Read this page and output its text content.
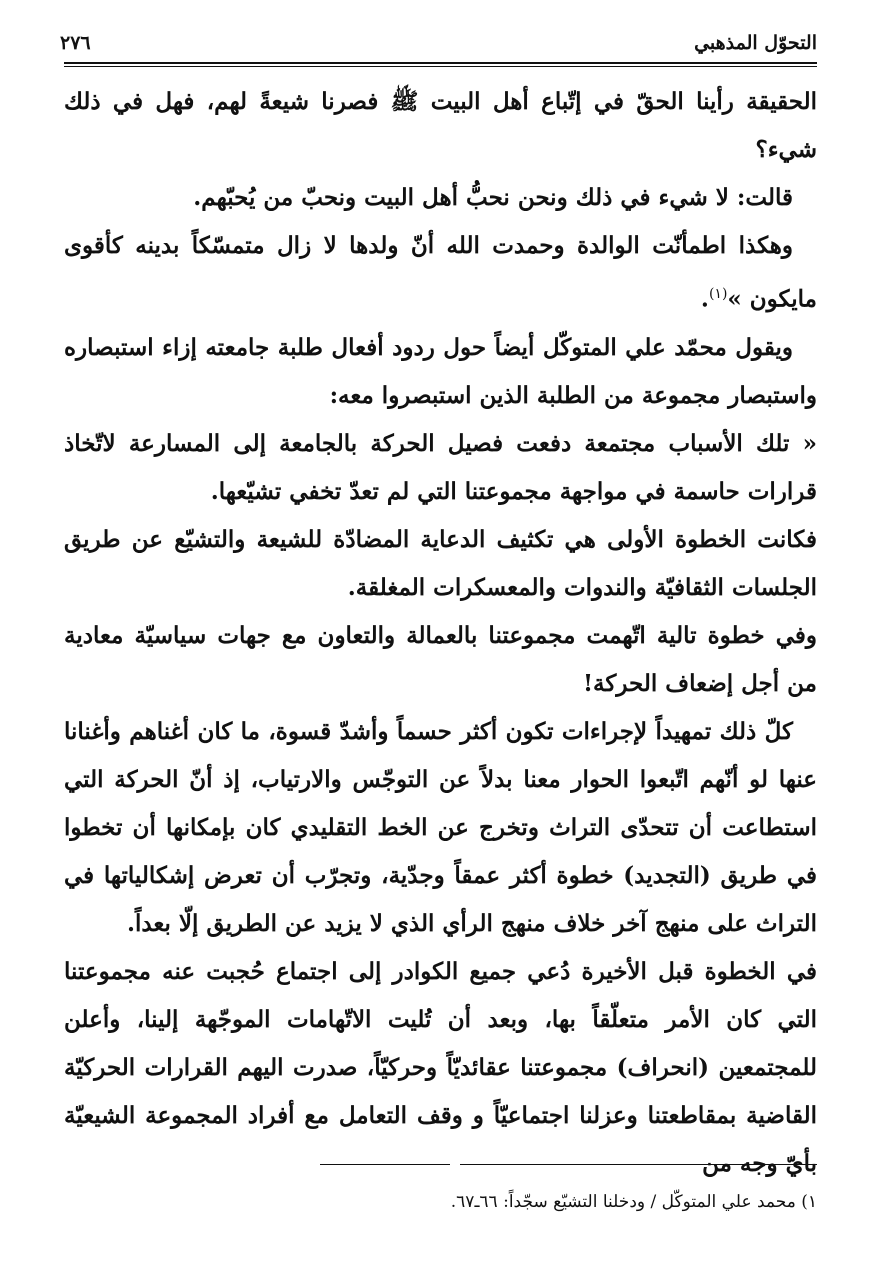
التحوّل المذهبي
٢٧٦

الحقيقة رأينا الحقّ في إتّباع أهل البيت ﷺ فصرنا شيعةً لهم، فهل في ذلك شيء؟

قالت: لا شيء في ذلك ونحن نحبُّ أهل البيت ونحبّ من يُحبّهم.

وهكذا اطمأنّت الوالدة وحمدت الله أنّ ولدها لا زال متمسّكاً بدينه كأقوى مايكون »$^{(١)}$.

ويقول محمّد علي المتوكّل أيضاً حول ردود أفعال طلبة جامعته إزاء استبصاره واستبصار مجموعة من الطلبة الذين استبصروا معه:

« تلك الأسباب مجتمعة دفعت فصيل الحركة بالجامعة إلى المسارعة لاتّخاذ قرارات حاسمة في مواجهة مجموعتنا التي لم تعدّ تخفي تشيّعها.

فكانت الخطوة الأولى هي تكثيف الدعاية المضادّة للشيعة والتشيّع عن طريق الجلسات الثقافيّة والندوات والمعسكرات المغلقة.

وفي خطوة تالية اتّهمت مجموعتنا بالعمالة والتعاون مع جهات سياسيّة معادية من أجل إضعاف الحركة!

كلّ ذلك تمهيداً لإجراءات تكون أكثر حسماً وأشدّ قسوة، ما كان أغناهم وأغنانا عنها لو أنّهم اتّبعوا الحوار معنا بدلاً عن التوجّس والارتياب، إذ أنّ الحركة التي استطاعت أن تتحدّى التراث وتخرج عن الخط التقليدي كان بإمكانها أن تخطوا في طريق (التجديد) خطوة أكثر عمقاً وجدّية، وتجرّب أن تعرض إشكالياتها في التراث على منهج آخر خلاف منهج الرأي الذي لا يزيد عن الطريق إلّا بعداً.

في الخطوة قبل الأخيرة دُعي جميع الكوادر إلى اجتماع حُجبت عنه مجموعتنا التي كان الأمر متعلّقاً بها، وبعد أن تُليت الاتّهامات الموجّهة إلينا، وأعلن للمجتمعين (انحراف) مجموعتنا عقائديّاً وحركيّاً، صدرت اليهم القرارات الحركيّة القاضية بمقاطعتنا وعزلنا اجتماعيّاً و وقف التعامل مع أفراد المجموعة الشيعيّة بأيّ وجه من

١) محمد علي المتوكّل / ودخلنا التشيّع سجّداً: ٦٦ـ٦٧.
